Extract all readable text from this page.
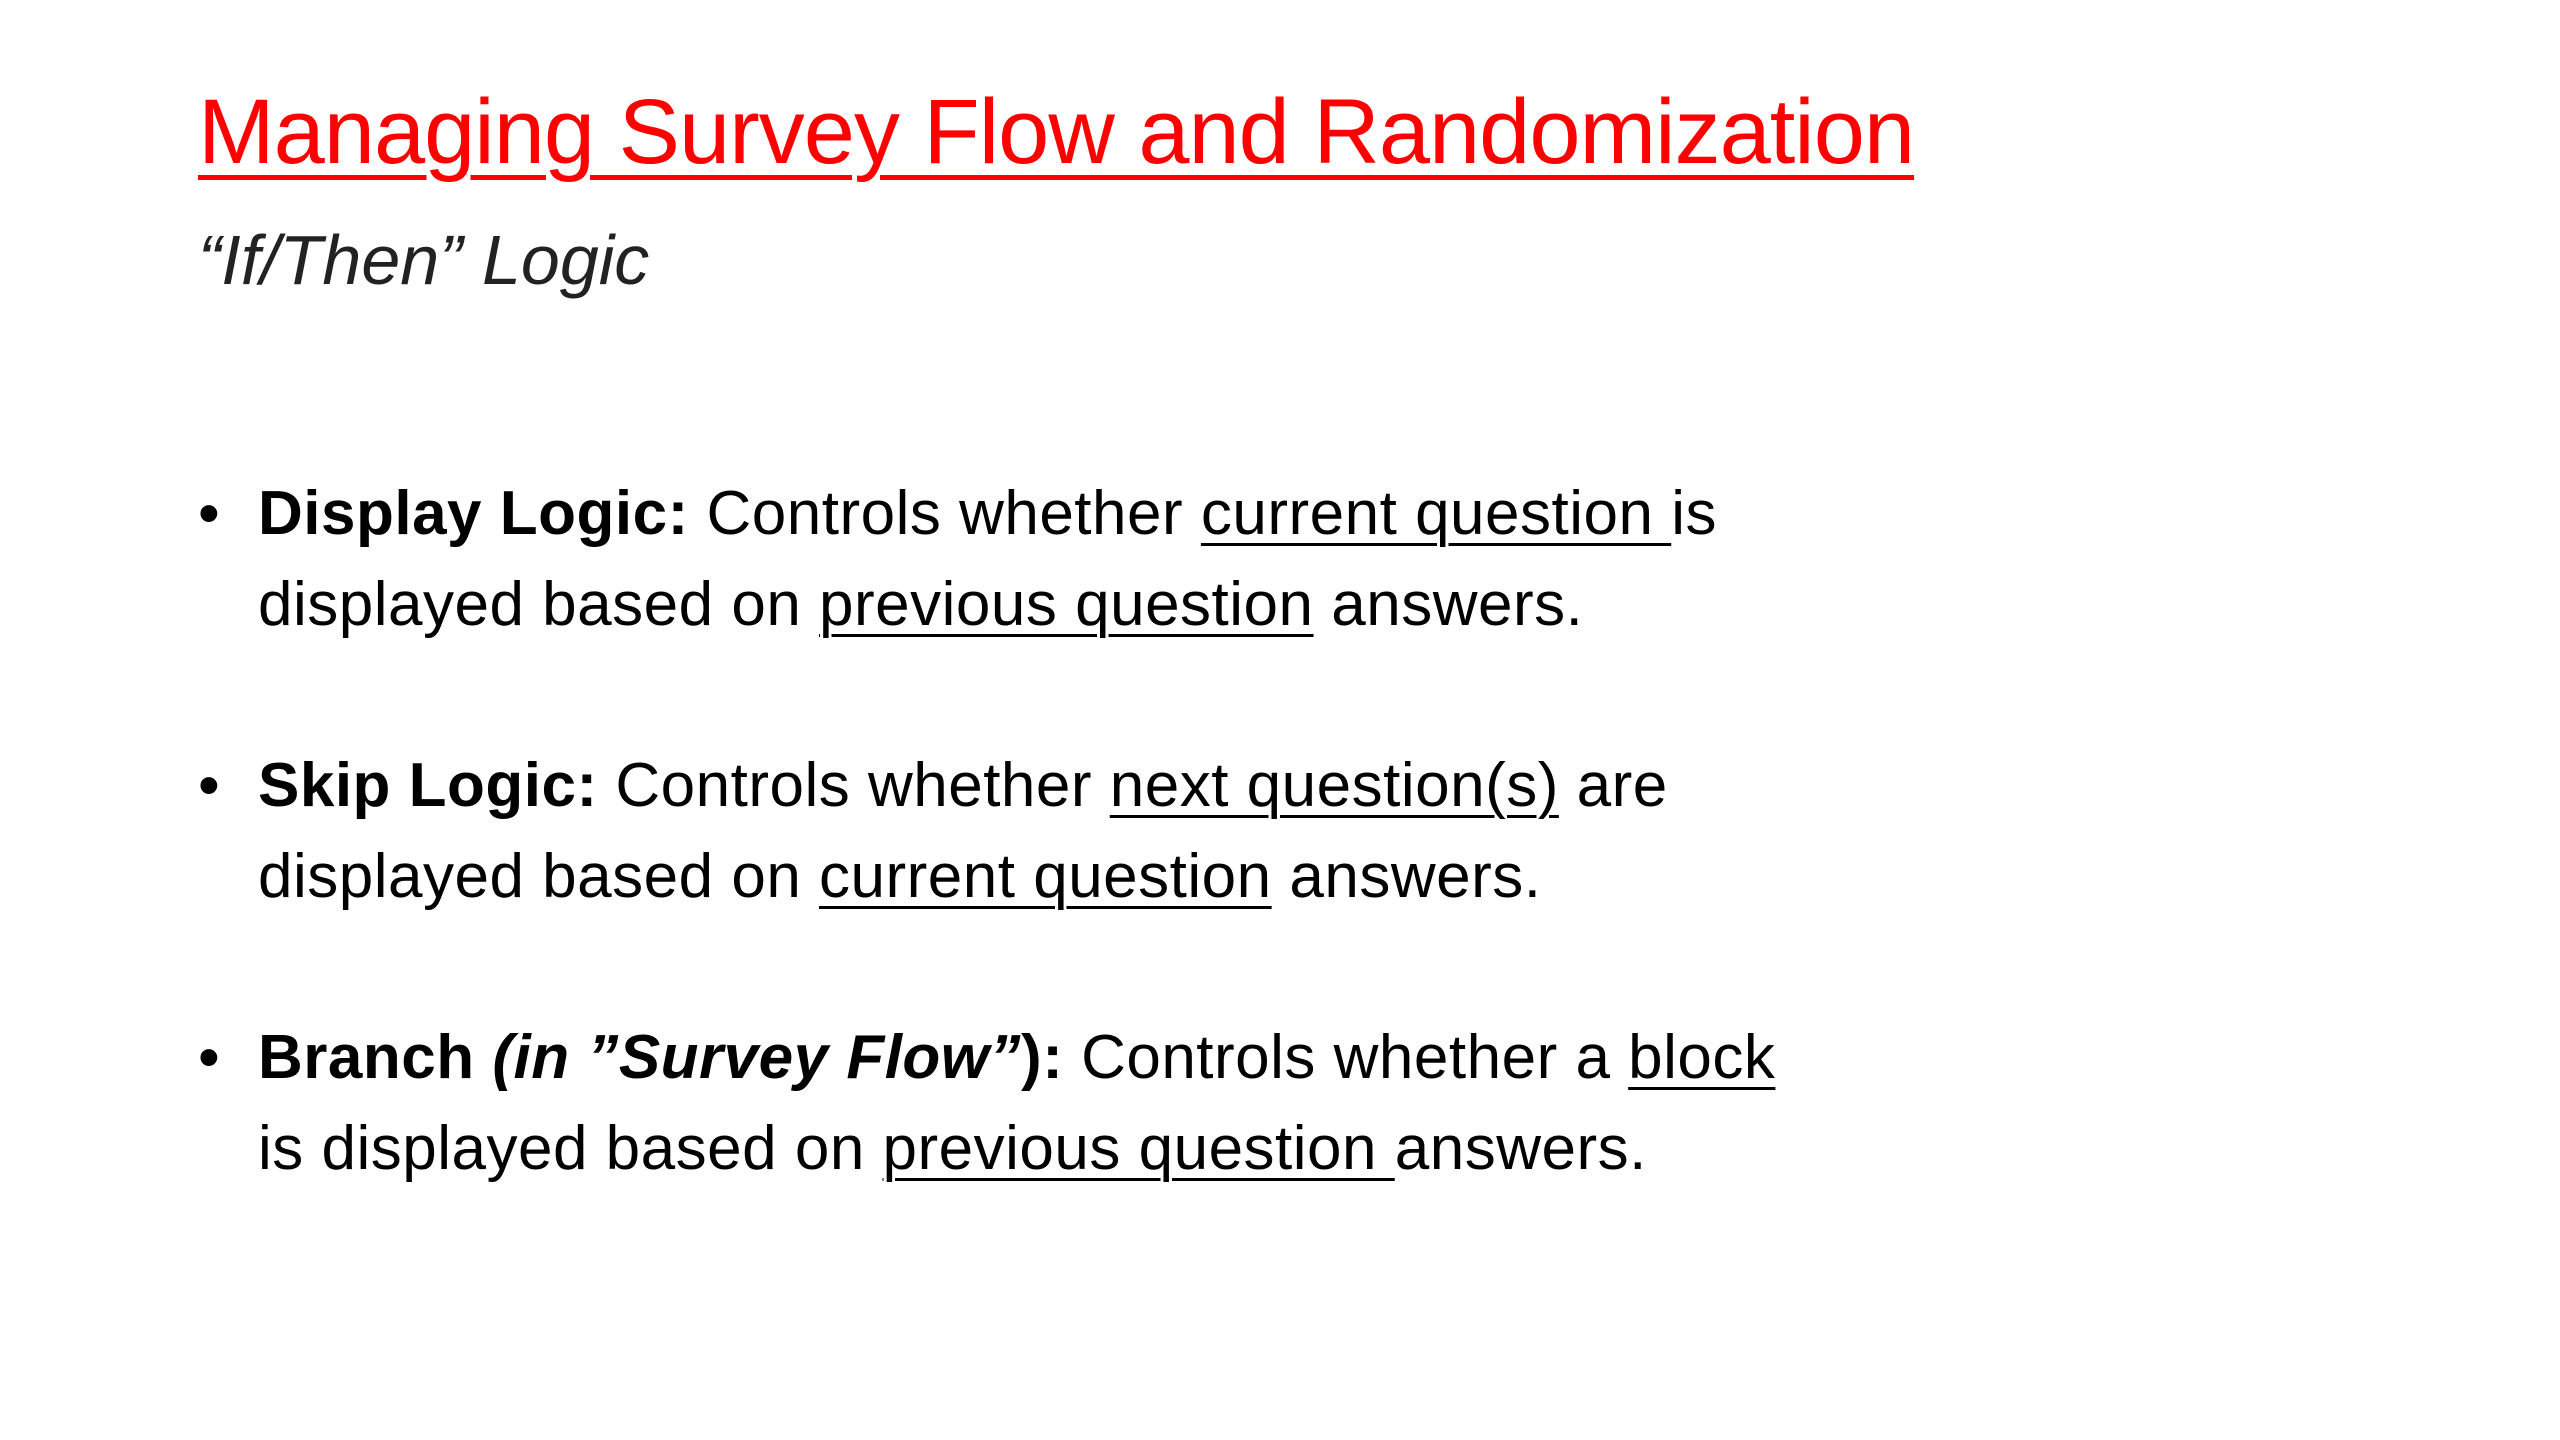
Managing Survey Flow and Randomization
“If/Then” Logic
• Display Logic: Controls whether current question is
displayed based on previous question answers.
• Skip Logic: Controls whether next question(s) are
displayed based on current question answers.
• Branch (in ”Survey Flow”): Controls whether a block
is displayed based on previous question answers.
